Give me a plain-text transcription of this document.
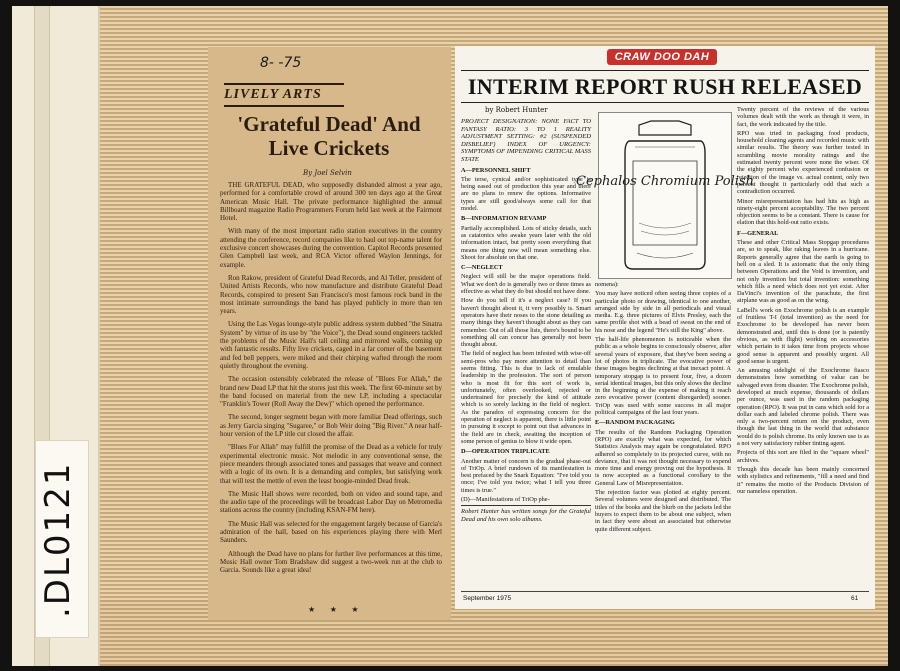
.DL0121
8- -75
LIVELY ARTS
'Grateful Dead' And Live Crickets
By Joel Selvin

THE GRATEFUL DEAD, who supposedly disbanded almost a year ago, performed for a comfortable crowd of around 300 ten days ago at the Great American Music Hall. The private performance highlighted the annual Billboard magazine Radio Programmers Forum held last week at the Fairmont Hotel.

With many of the most important radio station executives in the country attending the conference, record companies like to haul out top-name talent for exclusive concert showcases during the convention. Capitol Records presented Glen Campbell last week, and RCA Victor offered Waylon Jennings, for example.

Ron Rakow, president of Grateful Dead Records, and Al Teller, president of United Artists Records, who now manufacture and distribute Grateful Dead Records, conspired to present San Francisco's most famous rock band in the most intimate surroundings the band has played publicly in more than ten years.

Using the Las Vegas lounge-style public address system dubbed "the Sinatra System" by virtue of its use by "the Voice"), the Dead sound engineers tackled the problems of the Music Hall's tall ceiling and mirrored walls, coming up with fantastic results. Fifty live crickets, caged in a far corner of the basement and fed bell peppers, were miked and their chirping wafted through the room quietly throughout the evening.

The occasion ostensibly celebrated the release of "Blues For Allah," the brand new Dead LP that hit the stores just this week. The first 60-minute set by the band focused on material from the new LP, including a spectacular "Franklin's Tower (Roll Away the Dew)" which opened the performance.

The second, longer segment began with more familiar Dead offerings, such as Jerry Garcia singing "Sugaree," or Bob Weir doing "Big River." A near half-hour version of the LP title cut closed the affair.

"Blues For Allah" may fulfill the promise of the Dead as a vehicle for truly experimental electronic music. Not melodic in any conventional sense, the piece meanders through associated tones and passages that weave and connect with a logic of its own. It is a demanding and complex, but satisfying work that will test the mettle of even the least boogie-minded Dead freak.

The Music Hall shows were recorded, both on video and sound tape, and the audio tape of the proceedings will be broadcast Labor Day on Metromedia stations across the country (including KSAN-FM here).

The Music Hall was selected for the engagement largely because of Garcia's admiration of the hall, based on his experiences playing there with Merl Saunders.

Although the Dead have no plans for further live performances at this time, Music Hall owner Tom Bradshaw did suggest a two-week run at the club to Garcia. Sounds like a great idea!

★ ★ ★
CRAW DOO DAH
INTERIM REPORT RUSH RELEASED
by Robert Hunter

PROJECT DESIGNATION: NONE FACT TO FANTASY RATIO: 3 TO 1 REALITY ADJUSTMENT SETTING: #2 (SUSPENDED DISBELIEF) INDEX OF URGENCY: SYMPTOMS OF IMPENDING CRITICAL MASS STATE

A—PERSONNEL SHIFT

The terse, cynical and/or sophisticated type is being eased out of production this year and there are no plans to renew the options. Informative types are still good/always some call for that model.

B—INFORMATION REVAMP

Partially accomplished. Lots of sticky details, such as catatonics who awake years later with the old information intact, but pretty soon everything that means one thing now will mean something else. Shoot for absolute on that one.

C—NEGLECT

Neglect will still be the major operations field. What we don't do is generally two or three times as effective as what they do but should not have done.

How do you tell if it's a neglect case? If you haven't thought about it, it very possibly is. Smart operators have their noses to the stone detailing as many things they haven't thought about as they can remember. Out of all those lists, there's bound to be something all can concur has generally not been thought about.

The field of neglect has been infested with wise-off semi-pros who pay more attention to detail than seems fitting. This is due to lack of emulable leadership in the profession. The sort of person who is most fit for this sort of work is, unfortunately, often overlooked, rejected or undertrained for precisely the kind of attitude which is so sorely lacking in the field of neglect. As the paradox of expressing concern for the operation of neglect is apparent, there is little point in pursuing it except to point out that advances in the field are in check, awaiting the inception of some person of genius to blow it wide open.

D—OPERATION TRIPLICATE

Another matter of concern is the gradual phase-out of TriOp. A brief rundown of its manifestation is best prefaced by the Snark Equation: "I've told you once; I've told you twice; what I tell you three times is true."

(D)—Manifestations of TriOp phe-

Robert Hunter has written songs for the Grateful Dead and his own solo albums.

Cephalos Chromium Polish

nomena):

You may have noticed often seeing three copies of a particular photo or drawing, identical to one another, arranged side by side in all periodicals and visual media. E.g. three pictures of Elvis Presley, each the same profile shot with a bead of sweat on the end of his nose and the legend "He's still the King" above.

The half-life phenomenon is noticeable when the public as a whole begins to consciously observe, after several years of exposure, that they've been seeing a lot of photos in triplicate. The evocative power of these images begins declining at that inexact point. A temporary stopgap is to present four, five, a dozen serial identical images, but this only slows the decline in the beginning at the expense of making it reach zero evocative power (content disregarded) sooner. TriOp was used with some success in all major political campaigns of the last four years.

E—RANDOM PACKAGING

The results of the Random Packaging Operation (RPO) are exactly what was expected, for which Statistics Analysis may again be congratulated. RPO adhered so completely to its projected curve, with no deviance, that it was not thought necessary to expend more time and energy proving out the hypothesis. It is now accepted as a functional corollary to the General Law of Misrepresentation.

The rejection factor was plotted at eighty percent. Several volumes were designed and distributed. The titles of the books and the blurb on the jackets led the buyers to expect them to be about one subject, when in fact they were about an associated but otherwise quite different subject.

Twenty percent of the reviews of the various volumes dealt with the work as though it were, in fact, the work indicated by the title.

RPO was tried in packaging food products, household cleaning agents and recorded music with similar results. The theory was further tested in scrambling movie morality ratings and the estimated twenty percent were none the wiser. Of the eighty percent who experienced confusion or rejection of the image vs. actual content, only two percent thought it particularly odd that such a contradiction occurred.

Minor misrepresentation has had hits as high as ninety-eight percent acceptability. The two percent objection seems to be a constant. There is cause for elation that this hold-out ratio exists.

F—GENERAL

These and other Critical Mass Stopgap procedures are, so to speak, like raking leaves in a hurricane. Reports generally agree that the earth is going to hell on a sled. It is axiomatic that the only thing between Operations and the Void is invention, and not only invention but total invention: something which fills a need which does not yet exist. After DaVinci's invention of the parachute, the first airplane was as good as on the wing.

LaBell's work on Exochrome polish is an example of fruitless T-I (total invention) as the need for Exochrome to be developed has never been demonstrated and, until this is done (or is patently obvious, as with flight) working on accessories which pertain to it takes time from projects whose good sense is apparent and possibly urgent. All good sense is urgent.

An amusing sidelight of the Exochrome fiasco demonstrates how something of value can be salvaged even from disaster. The Exochrome polish, developed at much expense, thousands of dollars per ounce, was used in the random packaging operation (RPO). It was put in cans which sold for a dollar each and labeled chrome polish. There was only a two-percent return on the product, even though the last thing in the world that substance would do is polish chrome. Its only known use is as a not very satisfactory rubber tinting agent.

Projects of this sort are filed in the "square wheel" archives.

Though this decade has been mainly concerned with stylistics and refinements, "fill a need and find it" remains the motto of the Products Division of our nameless operation.

September 1975	61
